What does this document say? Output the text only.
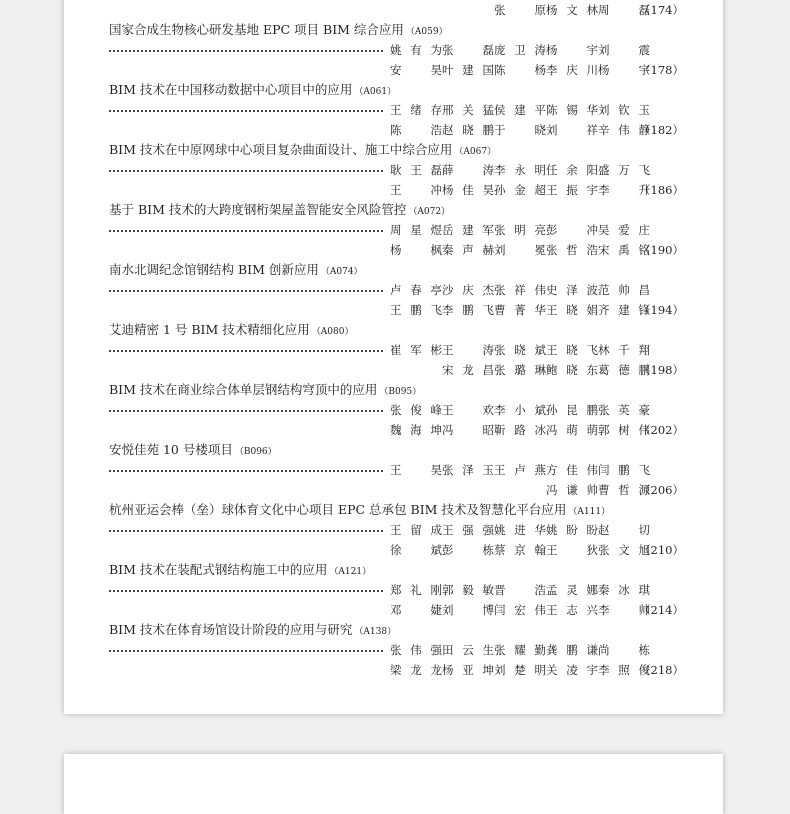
张 原 杨文林 周 磊
（174）
国家合成生物核心研发基地 EPC 项目 BIM 综合应用 （A059）
姚有为 张 磊 庞卫涛 杨 宇 刘 震
安 昊 叶建国 陈 杨 李庆川 杨 宇
（178）
BIM 技术在中国移动数据中心项目中的应用 （A061）
王绪存 邢关猛 侯建平 陈锡华 刘钦玉
陈 浩 赵晓鹏 于 晓 刘 祥 辛伟静
（182）
BIM 技术在中原网球中心项目复杂曲面设计、施工中综合应用 （A067）
耿王磊 薛 涛 李永明 任余阳 盛万飞
王 冲 杨佳昊 孙金超 王振宇 李 升
（186）
基于 BIM 技术的大跨度钢桁架屋盖智能安全风险管控 （A072）
周星煜 岳建军 张明亮 彭 冲 吴爱庄
杨 枫 秦声赫 刘 冕 张哲浩 宋禹铭
（190）
南水北调纪念馆钢结构 BIM 创新应用 （A074）
卢春亭 沙庆杰 张祥伟 史泽波 范帅昌
王鹏飞 李鹏飞 曹菁华 王晓娟 齐建锋
（194）
艾迪精密 1 号 BIM 技术精细化应用 （A080）
崔军彬 王 涛 张晓斌 王晓飞 林千翔
宋龙昌 张璐琳 鲍晓东 葛德鹏
（198）
BIM 技术在商业综合体单层钢结构穹顶中的应用 （B095）
张俊峰 王 欢 李小斌 孙昆鹏 张英豪
魏海坤 冯 昭 靳路冰 冯萌萌 郭树伟
（202）
安悦佳苑 10 号楼项目 （B096）
王 昊 张泽玉 王卢燕 方佳伟 闫鹏飞
冯谦帅 曹哲源
（206）
杭州亚运会棒（垒）球体育文化中心项目 EPC 总承包 BIM 技术及智慧化平台应用 （A111）
王留成 王强强 姚进华 姚盼盼 赵 切
徐 斌 彭 栋 蔡京翰 王 狄 张文旭
（210）
BIM 技术在装配式钢结构施工中的应用 （A121）
郑礼刚 郭毅敏 晋 浩 孟灵娜 秦冰琪
邓 婕 刘 博 闫宏伟 王志兴 李 帅
（214）
BIM 技术在体育场馆设计阶段的应用与研究 （A138）
张伟强 田云生 张耀勤 龚鹏谦 尚 栋
梁龙龙 杨亚坤 刘楚明 关凌宇 李照俊
（218）
